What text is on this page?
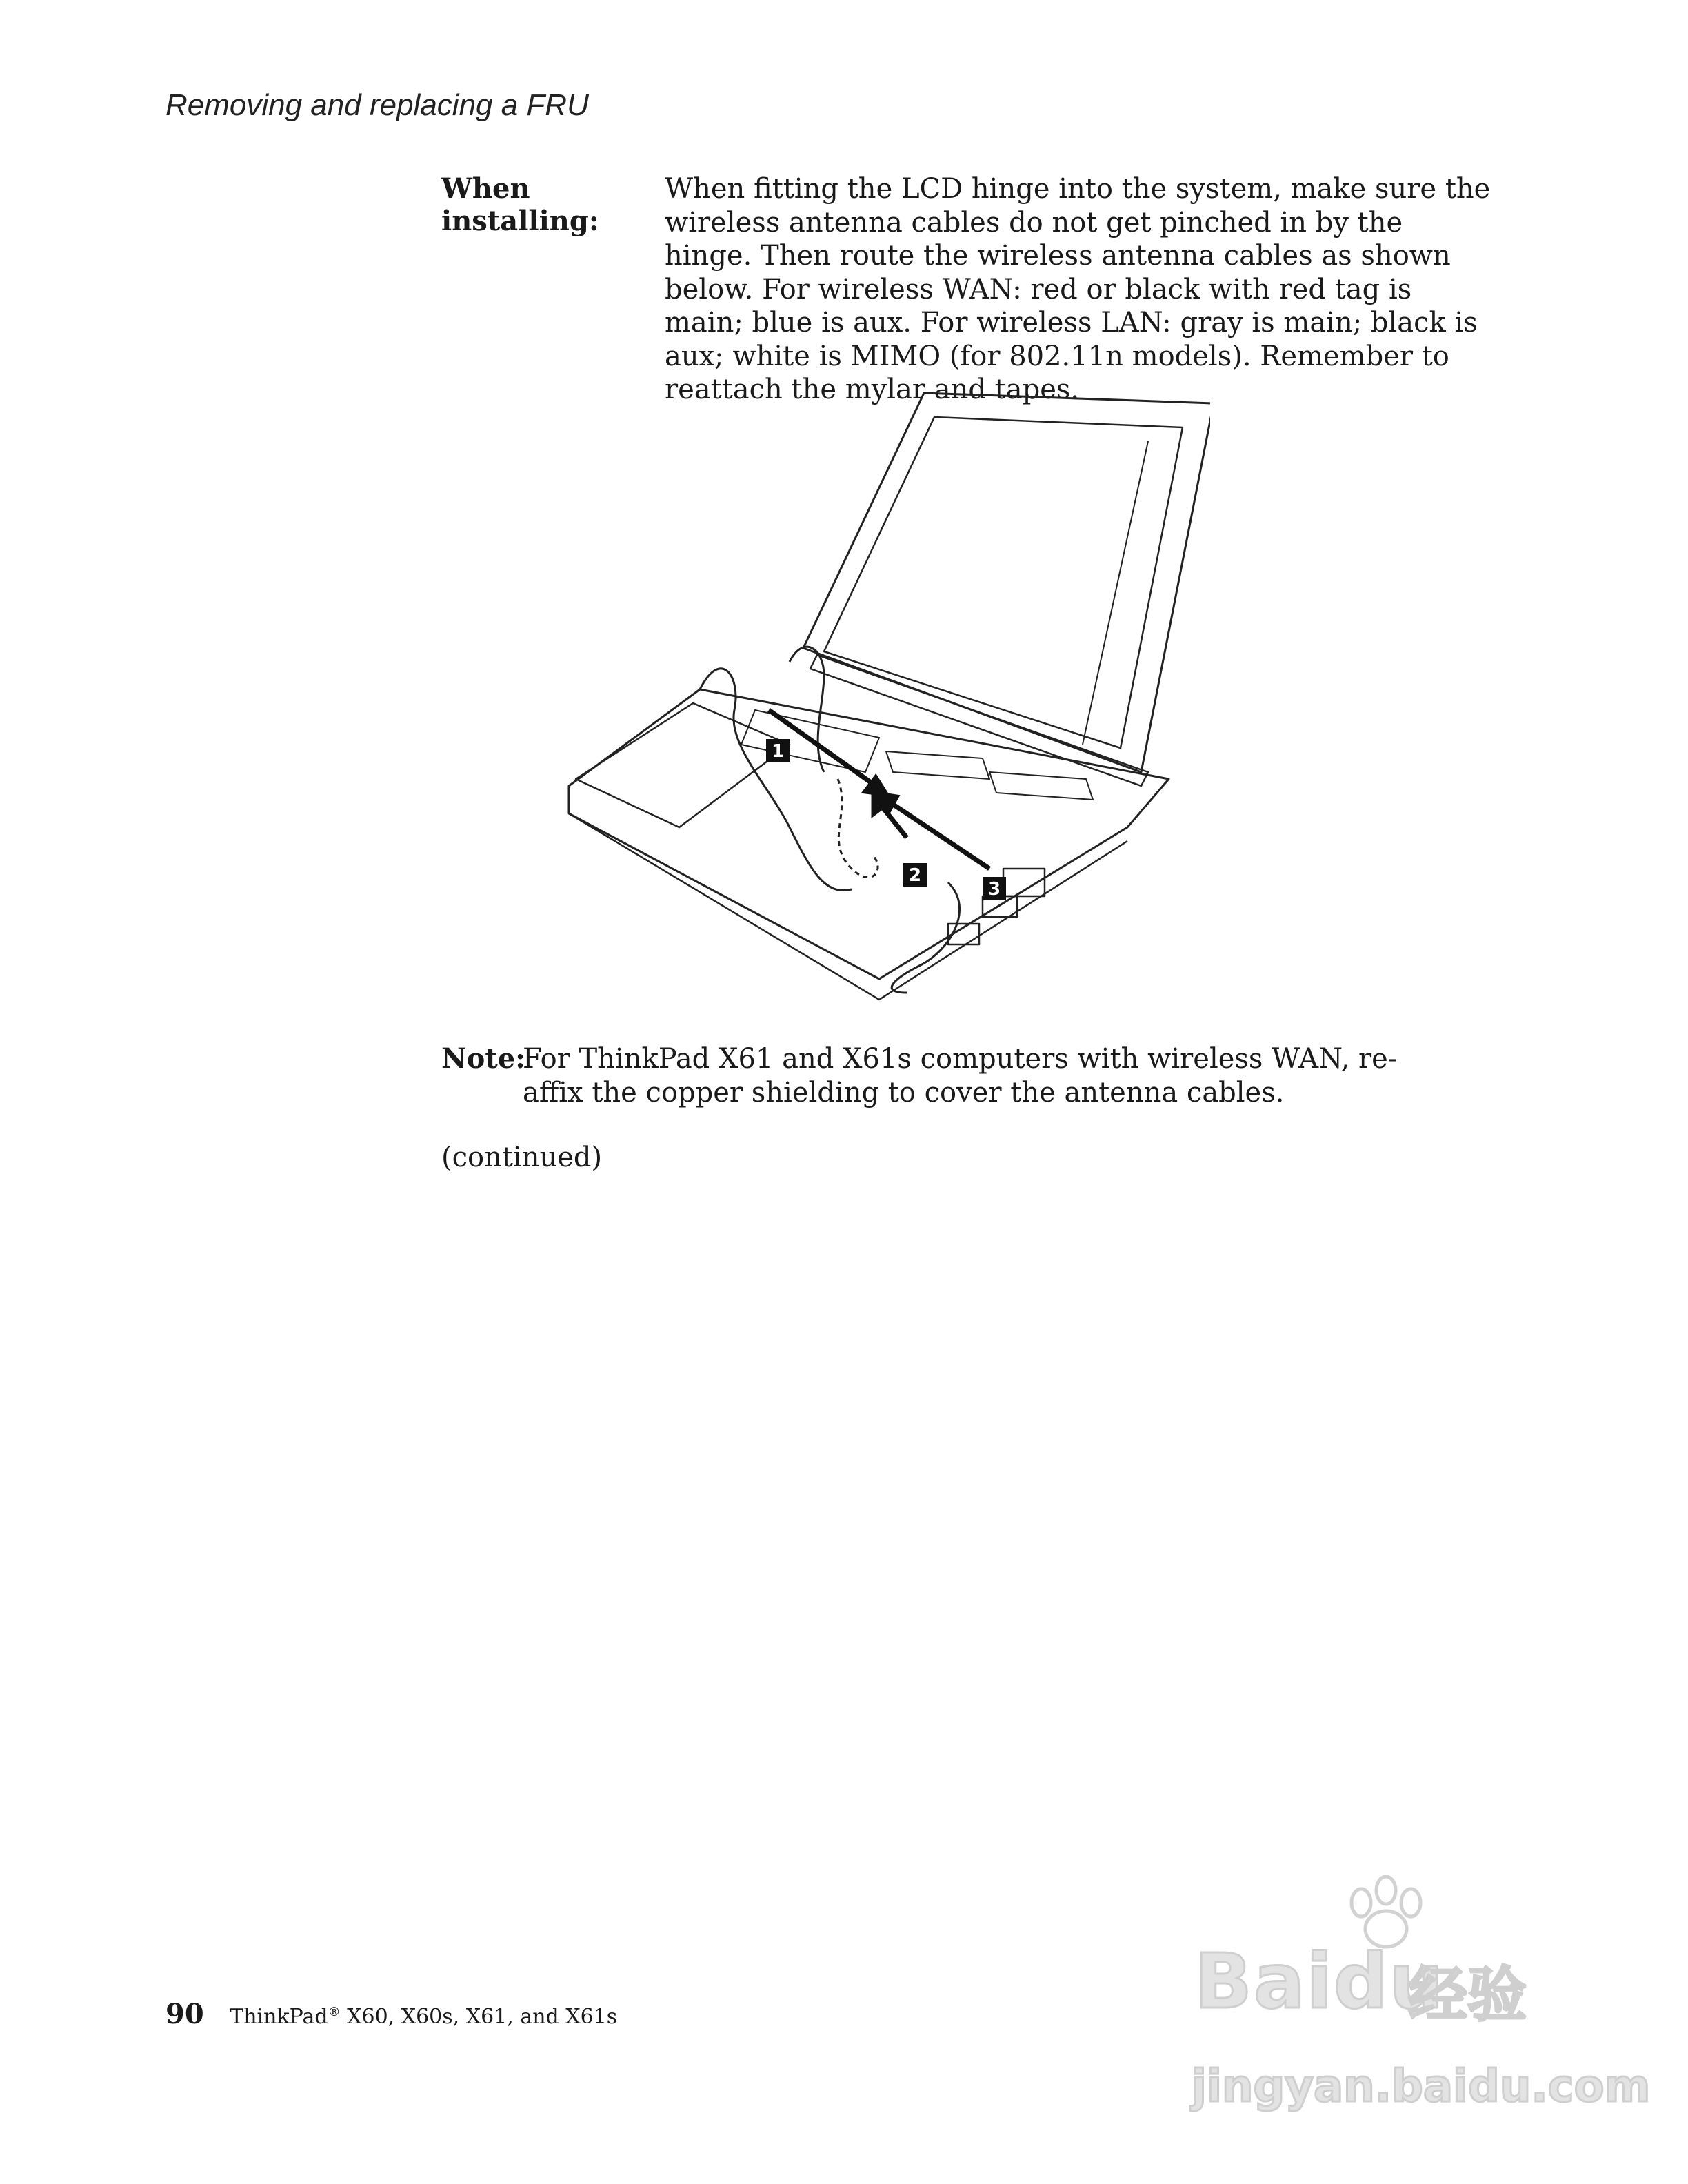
Removing and replacing a FRU
When installing:
When fitting the LCD hinge into the system, make sure the wireless antenna cables do not get pinched in by the hinge. Then route the wireless antenna cables as shown below. For wireless WAN: red or black with red tag is main; blue is aux. For wireless LAN: gray is main; black is aux; white is MIMO (for 802.11n models). Remember to reattach the mylar and tapes.
1
2
3
Note:
For ThinkPad X61 and X61s computers with wireless WAN, re-affix the copper shielding to cover the antenna cables.
(continued)
90 ThinkPad® X60, X60s, X61, and X61s	Baidu
经验
jingyan.baidu.com
